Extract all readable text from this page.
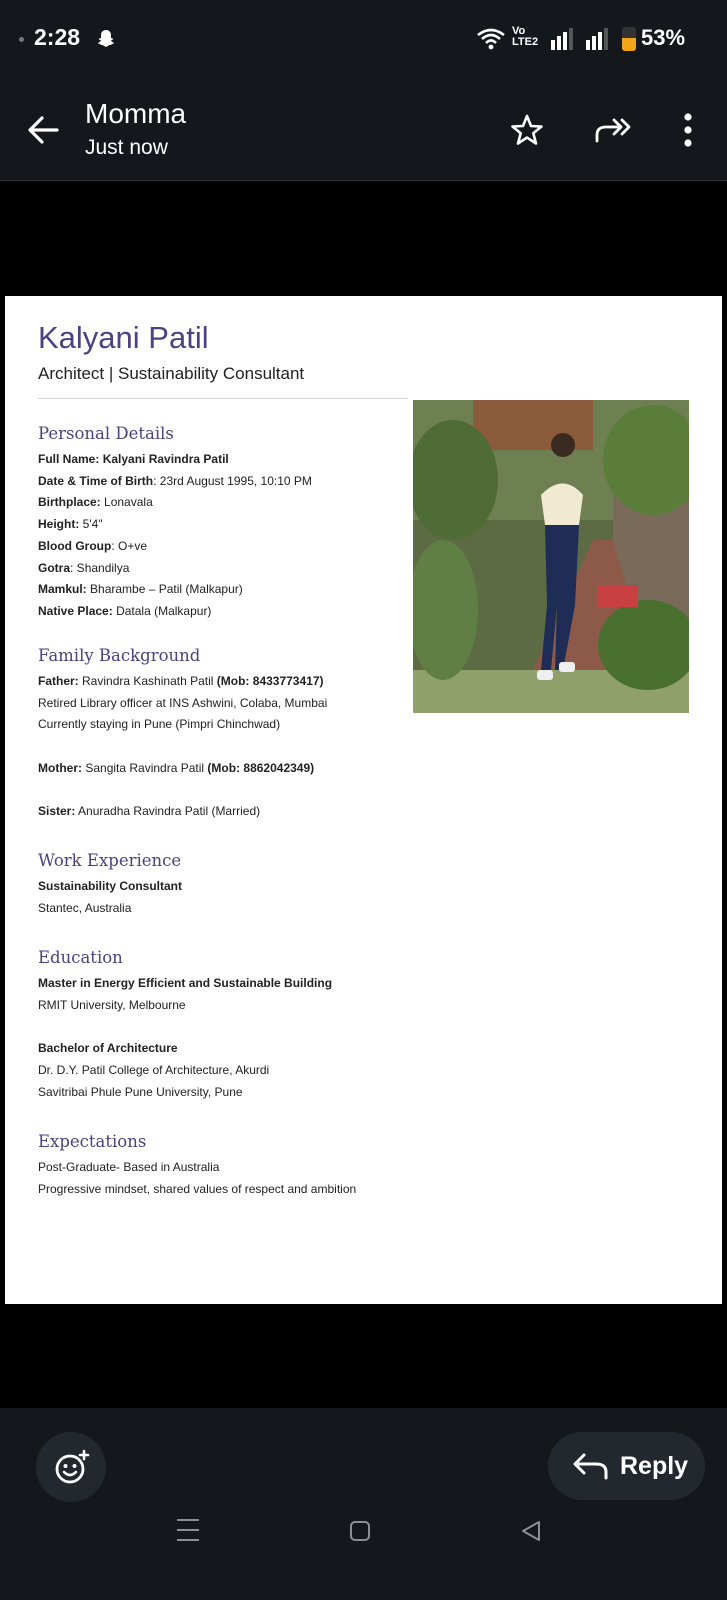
2:28	Vo
LTE2	53%
Momma
Just now
Kalyani Patil
Architect | Sustainability Consultant
Personal Details
Full Name: Kalyani Ravindra Patil
Date & Time of Birth: 23rd August 1995, 10:10 PM
Birthplace: Lonavala
Height: 5'4"
Blood Group: O+ve
Gotra: Shandilya
Mamkul: Bharambe – Patil (Malkapur)
Native Place: Datala (Malkapur)
Family Background
Father: Ravindra Kashinath Patil (Mob: 8433773417)
Retired Library officer at INS Ashwini, Colaba, Mumbai
Currently staying in Pune (Pimpri Chinchwad)
Mother: Sangita Ravindra Patil (Mob: 8862042349)
Sister: Anuradha Ravindra Patil (Married)
Work Experience
Sustainability Consultant
Stantec, Australia
Education
Master in Energy Efficient and Sustainable Building
RMIT University, Melbourne
Bachelor of Architecture
Dr. D.Y. Patil College of Architecture, Akurdi
Savitribai Phule Pune University, Pune
Expectations
Post-Graduate- Based in Australia
Progressive mindset, shared values of respect and ambition
Reply
